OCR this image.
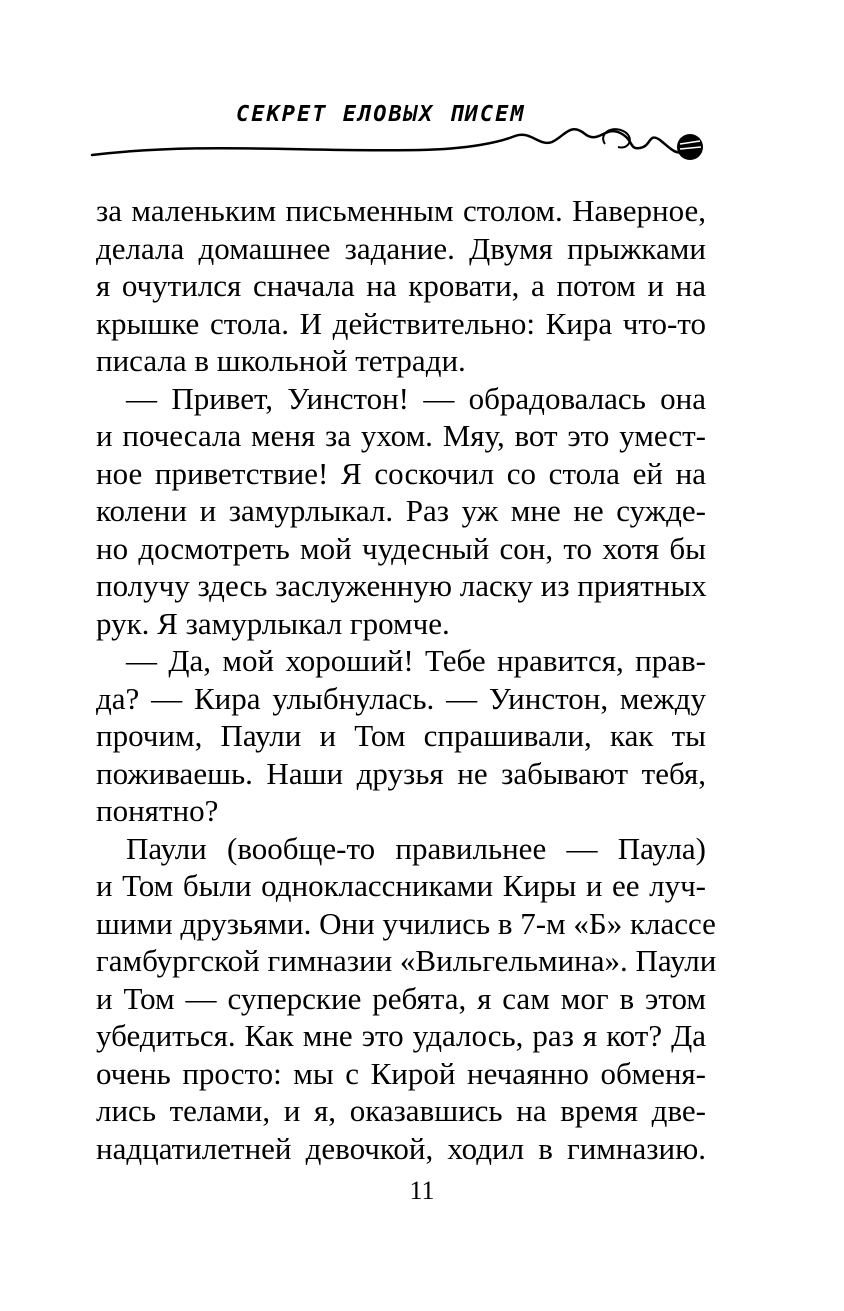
СЕКРЕТ ЕЛОВЫХ ПИСЕМ
за маленьким письменным столом. Наверное,
делала домашнее задание. Двумя прыжками
я очутился сначала на кровати, а потом и на
крышке стола. И действительно: Кира что-то
писала в школьной тетради.
— Привет, Уинстон! — обрадовалась она
и почесала меня за ухом. Мяу, вот это умест-
ное приветствие! Я соскочил со стола ей на
колени и замурлыкал. Раз уж мне не сужде-
но досмотреть мой чудесный сон, то хотя бы
получу здесь заслуженную ласку из приятных
рук. Я замурлыкал громче.
— Да, мой хороший! Тебе нравится, прав-
да? — Кира улыбнулась. — Уинстон, между
прочим, Паули и Том спрашивали, как ты
поживаешь. Наши друзья не забывают тебя,
понятно?
Паули (вообще-то правильнее — Паула)
и Том были одноклассниками Киры и ее луч-
шими друзьями. Они учились в 7-м «Б» классе
гамбургской гимназии «Вильгельмина». Паули
и Том — суперские ребята, я сам мог в этом
убедиться. Как мне это удалось, раз я кот? Да
очень просто: мы с Кирой нечаянно обменя-
лись телами, и я, оказавшись на время две-
надцатилетней девочкой, ходил в гимназию.
11
